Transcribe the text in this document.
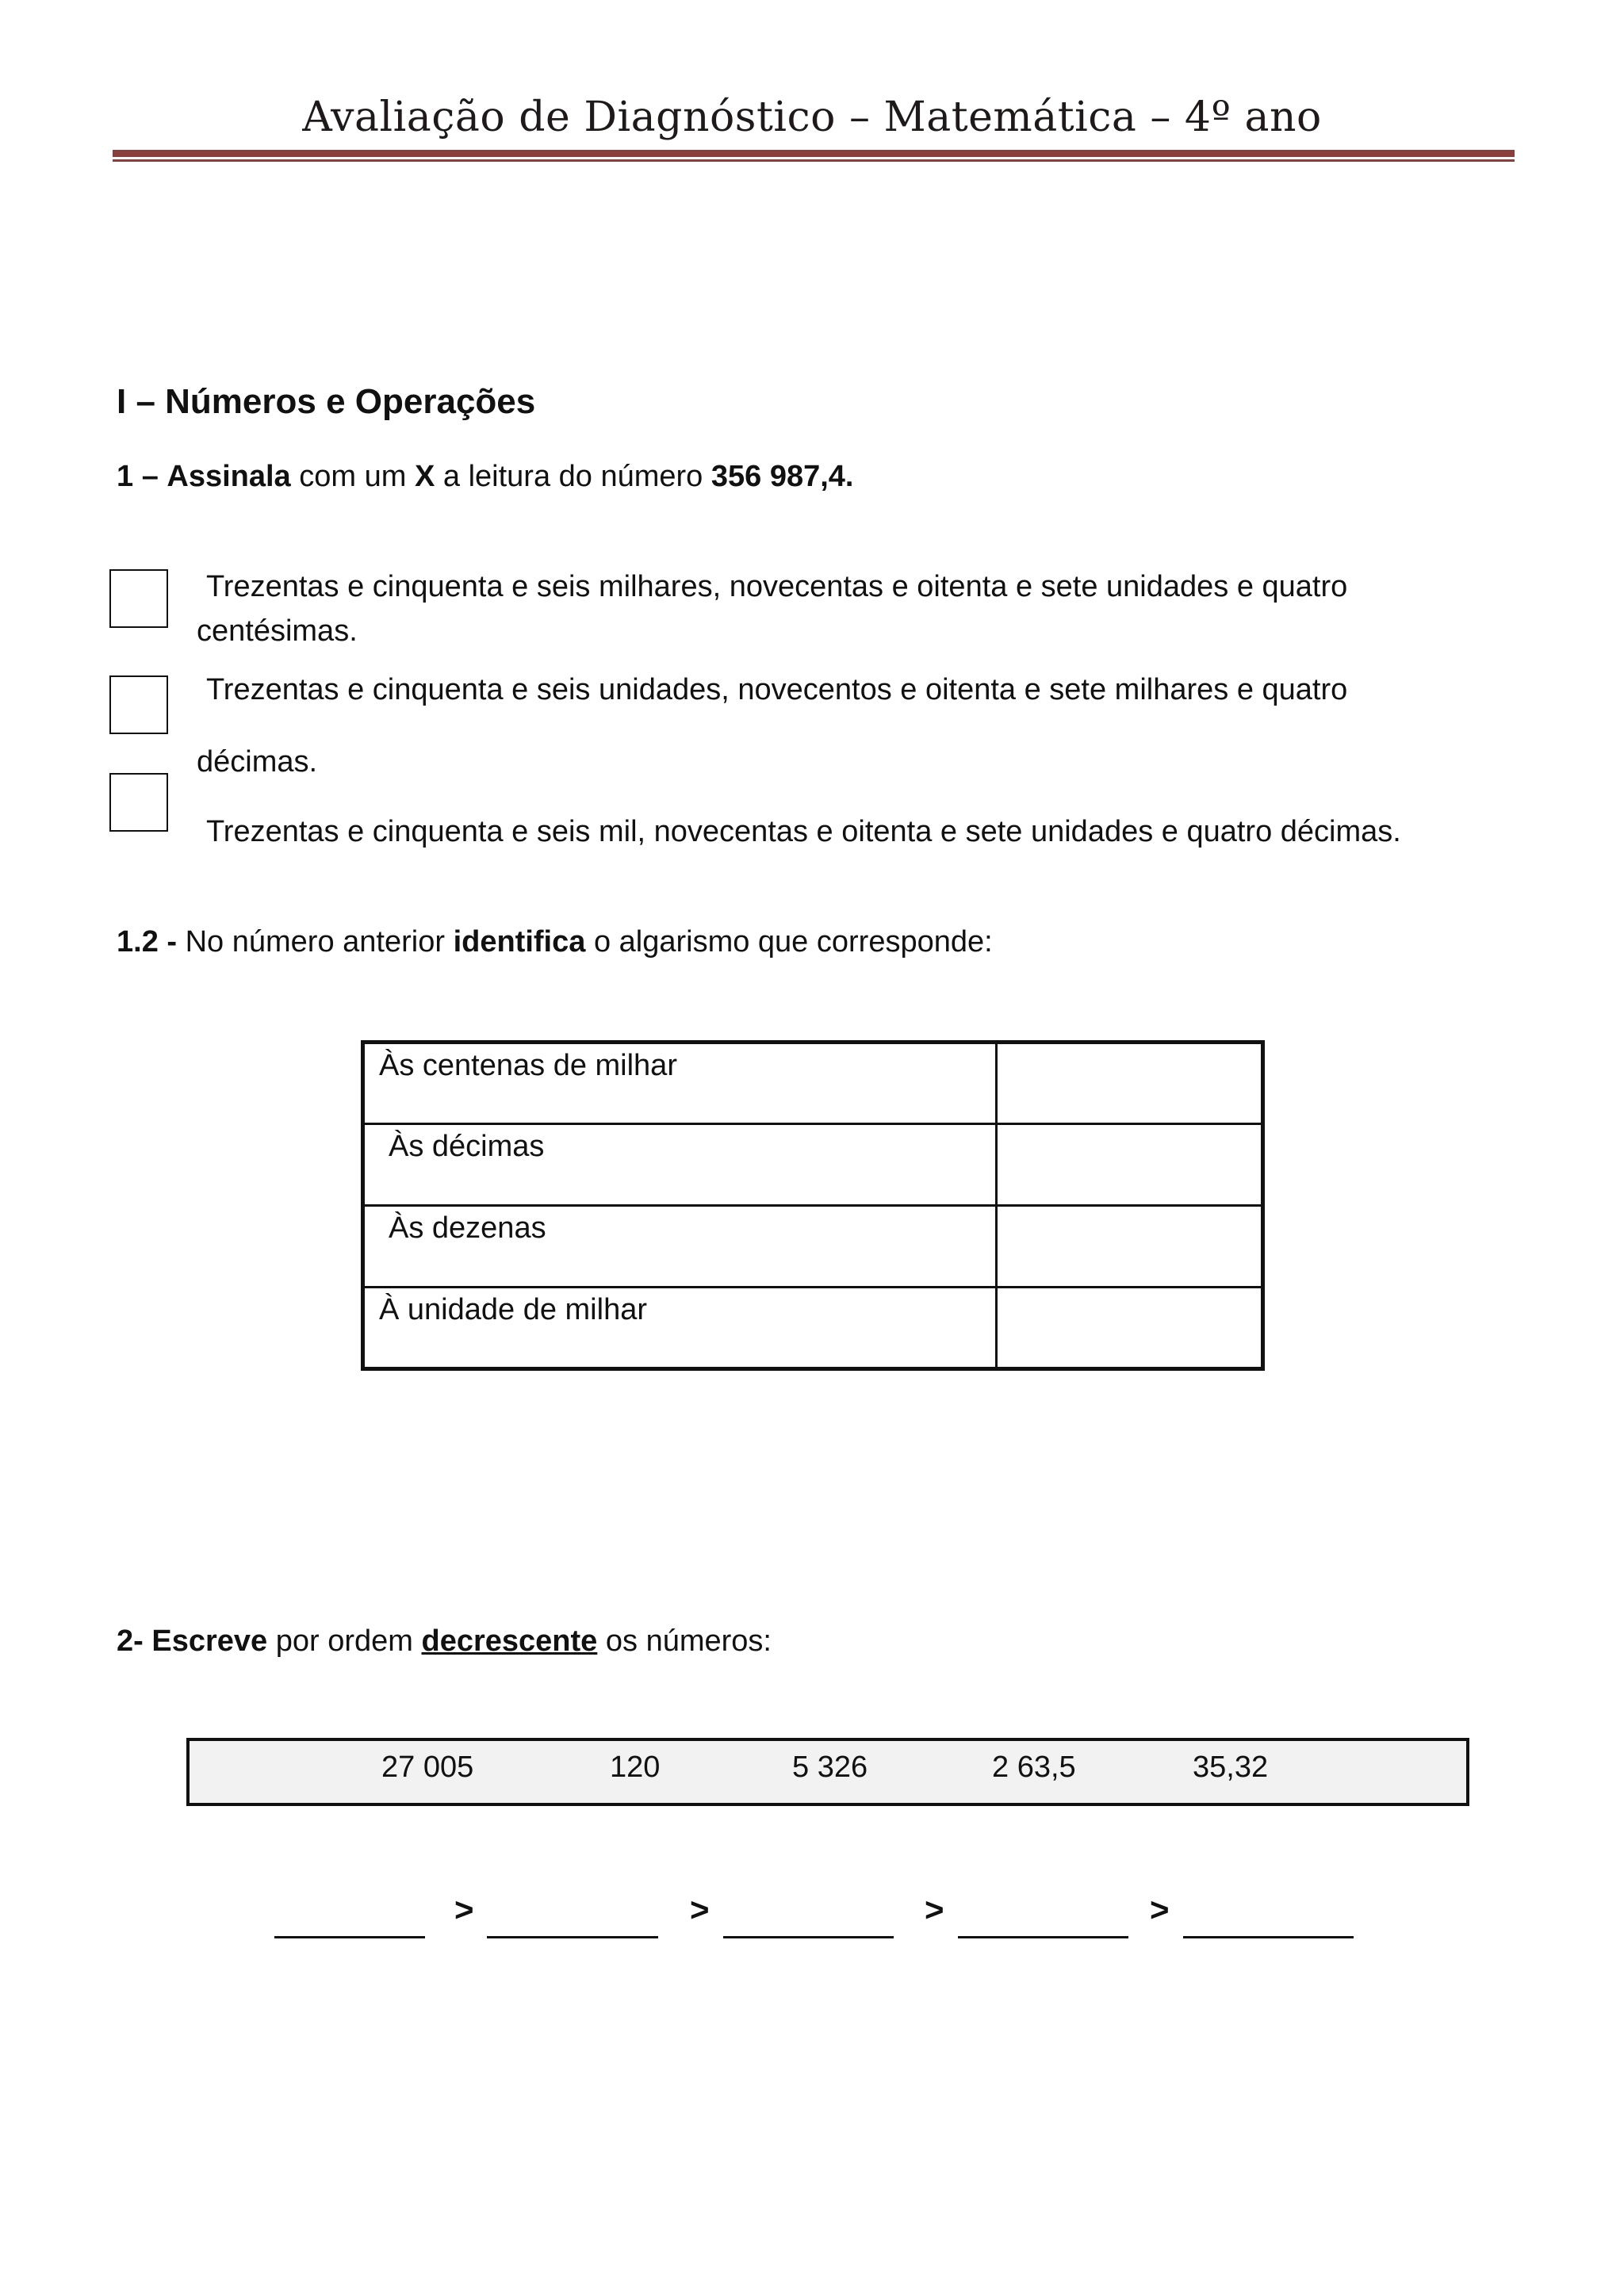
Avaliação de Diagnóstico – Matemática – 4º ano
I – Números e Operações
1 – Assinala com um X a leitura do número 356 987,4.
Trezentas e cinquenta e seis milhares, novecentas e oitenta e sete unidades e quatro
centésimas.
Trezentas e cinquenta e seis unidades, novecentos e oitenta e sete milhares e quatro
décimas.
Trezentas e cinquenta e seis mil, novecentas e oitenta e sete unidades e quatro décimas.
1.2 - No número anterior identifica o algarismo que corresponde:
Às centenas de milhar	
Às décimas	
Às dezenas	
À unidade de milhar	
2- Escreve por ordem decrescente os números:
27 005	120	5 326	2 63,5	35,32
>	>	>	>
